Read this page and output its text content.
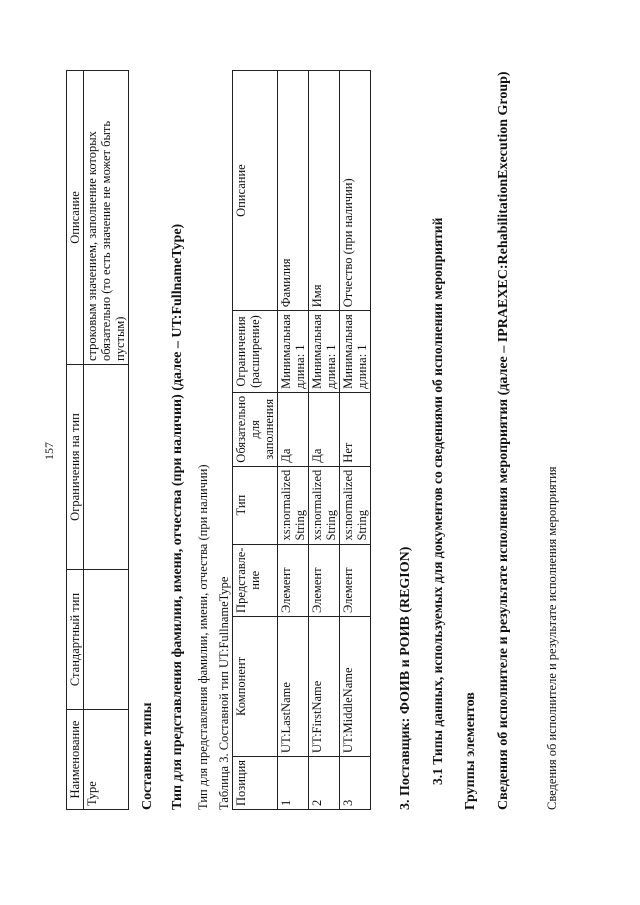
157
Наименование	Стандартный тип	Ограничения на тип	Описание
Type			строковым значением, заполнение которых обязательно (то есть значение не может быть пустым)
Составные типы Тип для представления фамилии, имени, отчества (при наличии) (далее – UT:FullnameType) Тип для представления фамилии, имени, отчества (при наличии) Таблица 3. Составной тип UT:FullnameType Позиция	Компонент	Представле-ние	Тип	Обязательно для заполнения	Ограничения (расширение)	Описание
1	UT:LastName	Элемент	xs:normalized String	Да	Минимальная длина: 1	Фамилия
2	UT:FirstName	Элемент	xs:normalized String	Да	Минимальная длина: 1	Имя
3	UT:MiddleName	Элемент	xs:normalized String	Нет	Минимальная длина: 1	Отчество (при наличии)
3. Поставщик: ФОИВ и РОИВ (REGION) 3.1 Типы данных, используемых для документов со сведениями об исполнении мероприятий Группы элементов	Сведения об исполнителе и результате исполнения мероприятия (далее – IPRAEXEC:RehabilitationExecution Group)	Сведения об исполнителе и результате исполнения мероприятия
